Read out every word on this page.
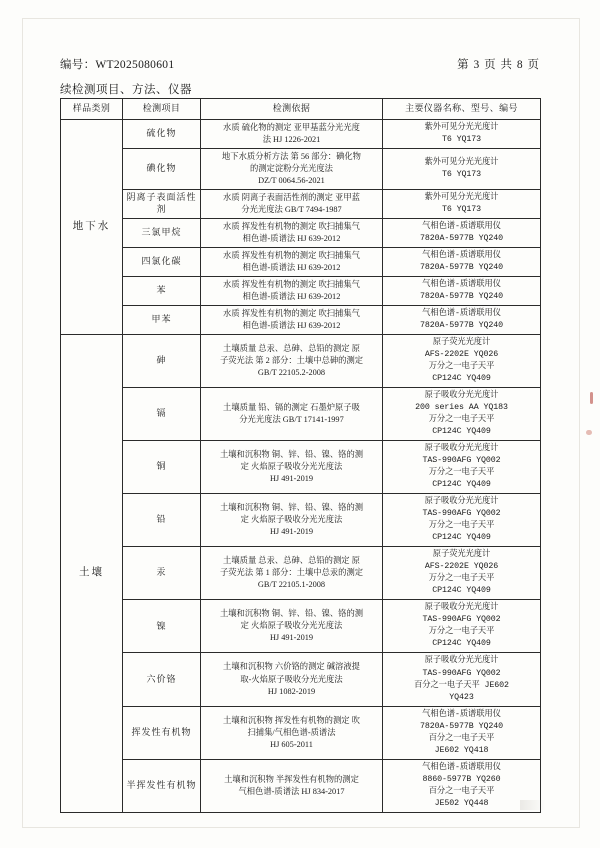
编号：WT2025080601	第 3 页 共 8 页
续检测项目、方法、仪器
样品类别	检测项目	检测依据	主要仪器名称、型号、编号
地下水	硫化物	水质 硫化物的测定 亚甲基蓝分光光度
法 HJ 1226-2021	紫外可见分光光度计
T6 YQ173

	碘化物	地下水质分析方法 第 56 部分：碘化物
的测定淀粉分光光度法
DZ/T 0064.56-2021	紫外可见分光光度计
T6 YQ173

	阴离子表面活性剂	水质 阴离子表面活性剂的测定 亚甲蓝
分光光度法 GB/T 7494-1987	紫外可见分光光度计
T6 YQ173

	三氯甲烷	水质 挥发性有机物的测定 吹扫捕集气
相色谱-质谱法 HJ 639-2012	气相色谱-质谱联用仪
7820A-5977B YQ240

	四氯化碳	水质 挥发性有机物的测定 吹扫捕集气
相色谱-质谱法 HJ 639-2012	气相色谱-质谱联用仪
7820A-5977B YQ240

	苯	水质 挥发性有机物的测定 吹扫捕集气
相色谱-质谱法 HJ 639-2012	气相色谱-质谱联用仪
7820A-5977B YQ240

	甲苯	水质 挥发性有机物的测定 吹扫捕集气
相色谱-质谱法 HJ 639-2012	气相色谱-质谱联用仪
7820A-5977B YQ240

土壤	砷	土壤质量 总汞、总砷、总铅的测定 原
子荧光法 第 2 部分：土壤中总砷的测定
GB/T 22105.2-2008	原子荧光光度计
AFS-2202E YQ026
万分之一电子天平
CP124C YQ409

	镉	土壤质量 铅、镉的测定 石墨炉原子吸
分光光度法 GB/T 17141-1997	原子吸收分光光度计
200 series AA YQ183
万分之一电子天平
CP124C YQ409

	铜	土壤和沉积物 铜、锌、铅、镍、铬的测
定 火焰原子吸收分光光度法
HJ 491-2019	原子吸收分光光度计
TAS-990AFG YQ002
万分之一电子天平
CP124C YQ409

	铅	土壤和沉积物 铜、锌、铅、镍、铬的测
定 火焰原子吸收分光光度法
HJ 491-2019	原子吸收分光光度计
TAS-990AFG YQ002
万分之一电子天平
CP124C YQ409

	汞	土壤质量 总汞、总砷、总铅的测定 原
子荧光法 第 1 部分：土壤中总汞的测定
GB/T 22105.1-2008	原子荧光光度计
AFS-2202E YQ026
万分之一电子天平
CP124C YQ409

	镍	土壤和沉积物 铜、锌、铅、镍、铬的测
定 火焰原子吸收分光光度法
HJ 491-2019	原子吸收分光光度计
TAS-990AFG YQ002
万分之一电子天平
CP124C YQ409

	六价铬	土壤和沉积物 六价铬的测定 碱溶液提
取-火焰原子吸收分光光度法
HJ 1082-2019	原子吸收分光光度计
TAS-990AFG YQ002
百分之一电子天平 JE602
YQ423

	挥发性有机物	土壤和沉积物 挥发性有机物的测定 吹
扫捕集/气相色谱-质谱法
HJ 605-2011	气相色谱-质谱联用仪
7820A-5977B YQ240
百分之一电子天平
JE602 YQ418

	半挥发性有机物	土壤和沉积物 半挥发性有机物的测定
气相色谱-质谱法 HJ 834-2017	气相色谱-质谱联用仪
8860-5977B YQ260
百分之一电子天平
JE502 YQ448
